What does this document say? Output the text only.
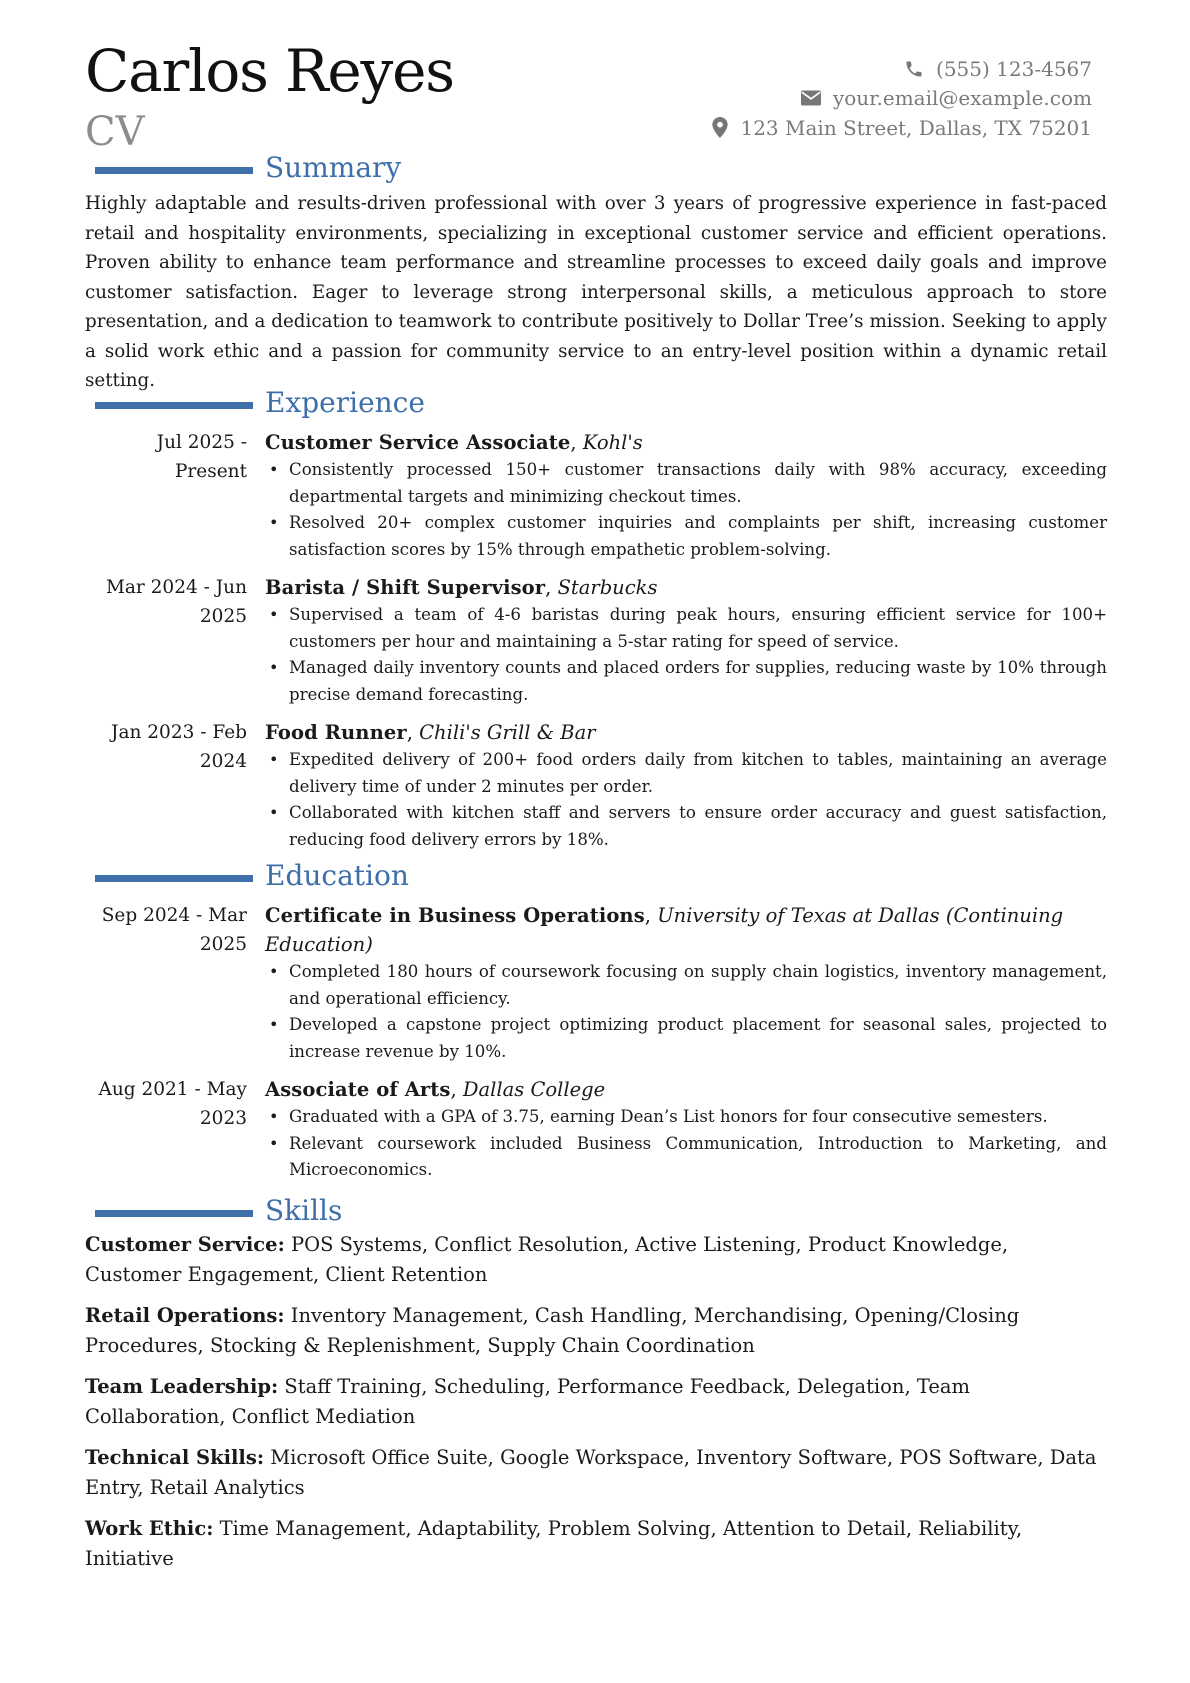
Carlos Reyes
CV
(555) 123-4567
your.email@example.com
123 Main Street, Dallas, TX 75201
Summary

Highly adaptable and results-driven professional with over 3 years of progressive experience in fast-paced retail and hospitality environments, specializing in exceptional customer service and efficient operations. Proven ability to enhance team performance and streamline processes to exceed daily goals and improve customer satisfaction. Eager to leverage strong interpersonal skills, a meticulous approach to store presentation, and a dedication to teamwork to contribute positively to Dollar Tree’s mission. Seeking to apply a solid work ethic and a passion for community service to an entry-level position within a dynamic retail setting.

Experience
Jul 2025 - Present
Customer Service Associate, Kohl's
• Consistently processed 150+ customer transactions daily with 98% accuracy, exceeding departmental targets and minimizing checkout times.
• Resolved 20+ complex customer inquiries and complaints per shift, increasing customer satisfaction scores by 15% through empathetic problem-solving.
Mar 2024 - Jun 2025
Barista / Shift Supervisor, Starbucks
• Supervised a team of 4-6 baristas during peak hours, ensuring efficient service for 100+ customers per hour and maintaining a 5-star rating for speed of service.
• Managed daily inventory counts and placed orders for supplies, reducing waste by 10% through precise demand forecasting.
Jan 2023 - Feb 2024
Food Runner, Chili's Grill & Bar
• Expedited delivery of 200+ food orders daily from kitchen to tables, maintaining an average delivery time of under 2 minutes per order.
• Collaborated with kitchen staff and servers to ensure order accuracy and guest satisfaction, reducing food delivery errors by 18%.
Education
Sep 2024 - Mar 2025
Certificate in Business Operations, University of Texas at Dallas (Continuing Education)
• Completed 180 hours of coursework focusing on supply chain logistics, inventory management, and operational efficiency.
• Developed a capstone project optimizing product placement for seasonal sales, projected to increase revenue by 10%.
Aug 2021 - May 2023
Associate of Arts, Dallas College
• Graduated with a GPA of 3.75, earning Dean’s List honors for four consecutive semesters.
• Relevant coursework included Business Communication, Introduction to Marketing, and Microeconomics.
Skills
Customer Service: POS Systems, Conflict Resolution, Active Listening, Product Knowledge, Customer Engagement, Client Retention
Retail Operations: Inventory Management, Cash Handling, Merchandising, Opening/Closing Procedures, Stocking & Replenishment, Supply Chain Coordination
Team Leadership: Staff Training, Scheduling, Performance Feedback, Delegation, Team Collaboration, Conflict Mediation
Technical Skills: Microsoft Office Suite, Google Workspace, Inventory Software, POS Software, Data Entry, Retail Analytics
Work Ethic: Time Management, Adaptability, Problem Solving, Attention to Detail, Reliability, Initiative
